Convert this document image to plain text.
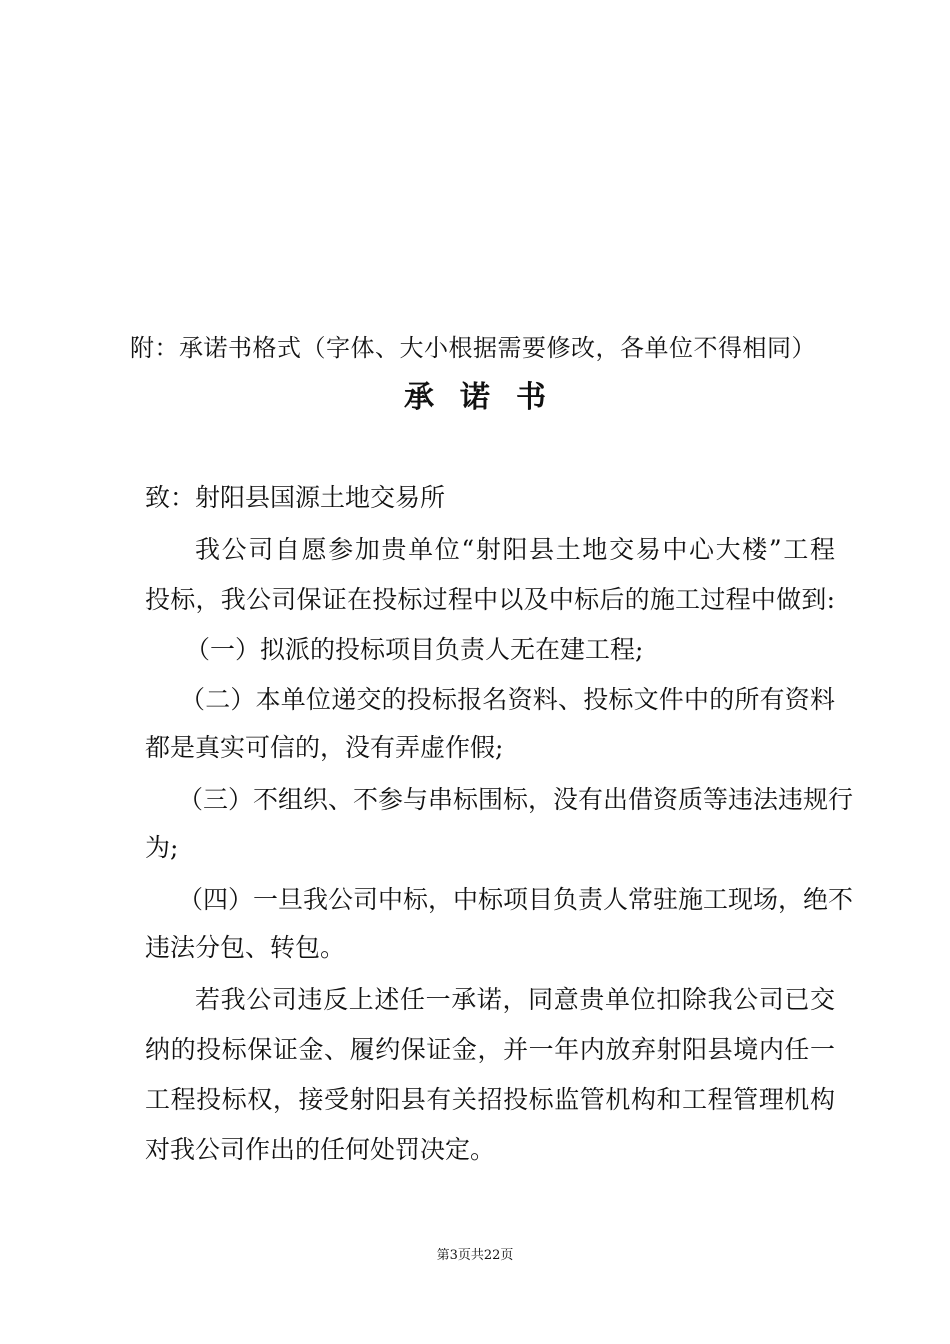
附：承诺书格式（字体、大小根据需要修改，各单位不得相同）
承诺书
致：射阳县国源土地交易所
我公司自愿参加贵单位“射阳县土地交易中心大楼”工程
投标，我公司保证在投标过程中以及中标后的施工过程中做到:
（一）拟派的投标项目负责人无在建工程;
（二）本单位递交的投标报名资料、投标文件中的所有资料
都是真实可信的，没有弄虚作假;
（三）不组织、不参与串标围标，没有出借资质等违法违规行
为;
（四）一旦我公司中标，中标项目负责人常驻施工现场，绝不
违法分包、转包。
若我公司违反上述任一承诺，同意贵单位扣除我公司已交
纳的投标保证金、履约保证金，并一年内放弃射阳县境内任一
工程投标权，接受射阳县有关招投标监管机构和工程管理机构
对我公司作出的任何处罚决定。
第3页共22页
